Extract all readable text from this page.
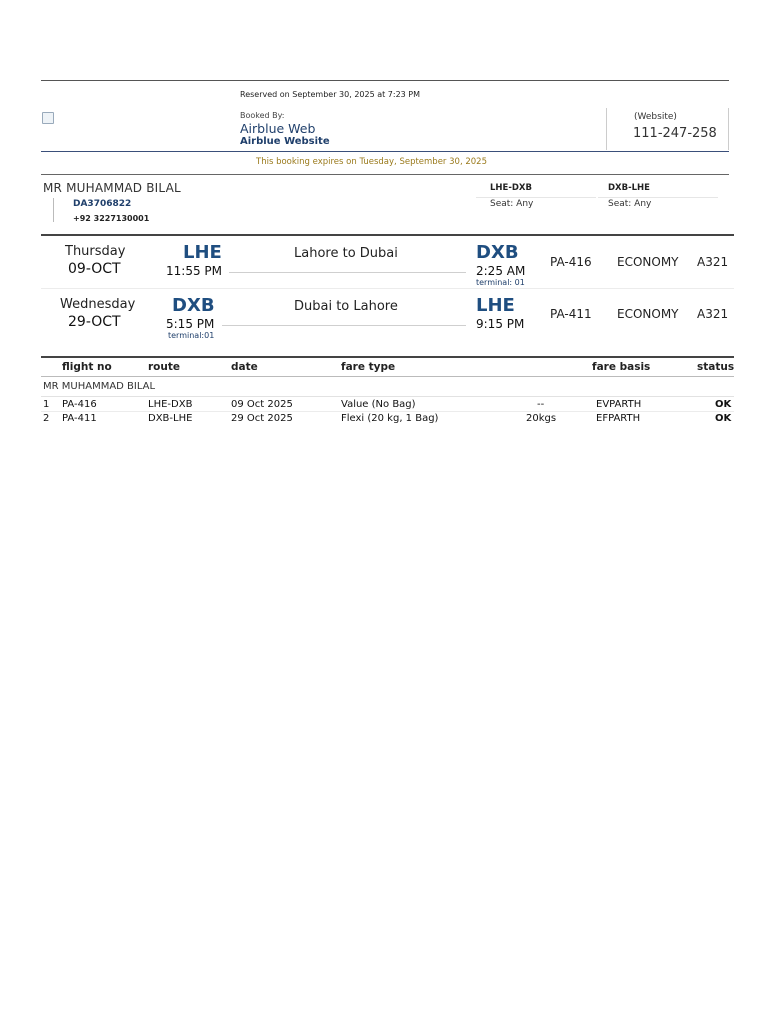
Reserved on September 30, 2025 at 7:23 PM
Booked By:
Airblue Web
Airblue Website
(Website)
111-247-258
This booking expires on Tuesday, September 30, 2025
MR MUHAMMAD BILAL
DA3706822
+92 3227130001
LHE-DXB
Seat: Any
DXB-LHE
Seat: Any
Thursday
09-OCT
LHE
11:55 PM
Lahore to Dubai	DXB
2:25 AM
terminal: 01
PA-416 ECONOMY A321
Wednesday
29-OCT
DXB
5:15 PM
terminal:01
Dubai to Lahore	LHE
9:15 PM
PA-411 ECONOMY A321
flight no	route	date	fare type	fare basis	status
MR MUHAMMAD BILAL
1 PA-416	LHE-DXB	09 Oct 2025	Value (No Bag)	--	EVPARTH	OK
2 PA-411	DXB-LHE	29 Oct 2025	Flexi (20 kg, 1 Bag)	20kgs	EFPARTH	OK
